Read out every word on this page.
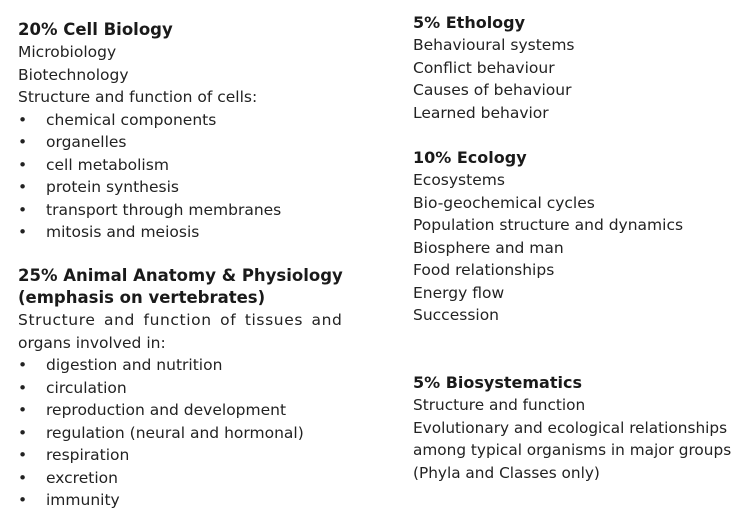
20% Cell Biology

Microbiology

Biotechnology

Structure and function of cells:

• chemical components
• organelles
• cell metabolism
• protein synthesis
• transport through membranes
• mitosis and meiosis

25% Animal Anatomy & Physiology

(emphasis on vertebrates)

Structure and function of tissues and

organs involved in:

• digestion and nutrition
• circulation
• reproduction and development
• regulation (neural and hormonal)
• respiration
• excretion
• immunity

5% Ethology

Behavioural systems

Conflict behaviour

Causes of behaviour

Learned behavior

10% Ecology

Ecosystems

Bio-geochemical cycles

Population structure and dynamics

Biosphere and man

Food relationships

Energy flow

Succession

5% Biosystematics

Structure and function

Evolutionary and ecological relationships

among typical organisms in major groups

(Phyla and Classes only)
